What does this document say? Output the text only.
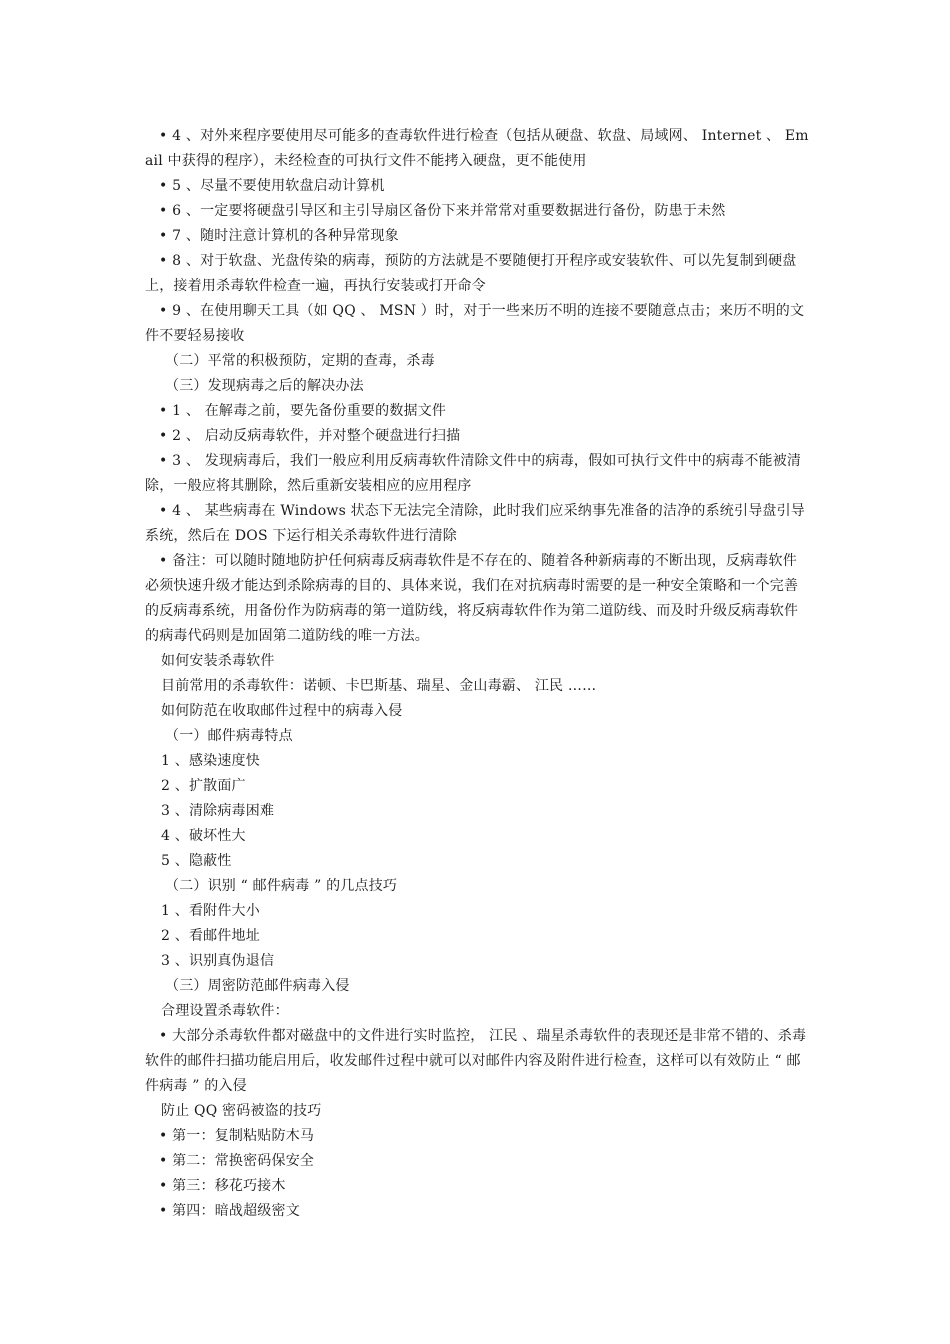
• 4 、对外来程序要使用尽可能多的查毒软件进行检查（包括从硬盘、软盘、局域网、 Internet 、 Email 中获得的程序），未经检查的可执行文件不能拷入硬盘，更不能使用

• 5 、尽量不要使用软盘启动计算机

• 6 、一定要将硬盘引导区和主引导扇区备份下来并常常对重要数据进行备份，防患于未然

• 7 、随时注意计算机的各种异常现象

• 8 、对于软盘、光盘传染的病毒，预防的方法就是不要随便打开程序或安装软件、可以先复制到硬盘上，接着用杀毒软件检查一遍，再执行安装或打开命令

• 9 、在使用聊天工具（如 QQ 、 MSN ）时，对于一些来历不明的连接不要随意点击；来历不明的文件不要轻易接收

（二）平常的积极预防，定期的查毒，杀毒

（三）发现病毒之后的解决办法

• 1 、 在解毒之前，要先备份重要的数据文件

• 2 、 启动反病毒软件，并对整个硬盘进行扫描

• 3 、 发现病毒后，我们一般应利用反病毒软件清除文件中的病毒，假如可执行文件中的病毒不能被清除，一般应将其删除，然后重新安装相应的应用程序

• 4 、 某些病毒在 Windows 状态下无法完全清除，此时我们应采纳事先准备的洁净的系统引导盘引导系统，然后在 DOS 下运行相关杀毒软件进行清除

• 备注：可以随时随地防护任何病毒反病毒软件是不存在的、随着各种新病毒的不断出现，反病毒软件必须快速升级才能达到杀除病毒的目的、具体来说，我们在对抗病毒时需要的是一种安全策略和一个完善的反病毒系统，用备份作为防病毒的第一道防线，将反病毒软件作为第二道防线、而及时升级反病毒软件的病毒代码则是加固第二道防线的唯一方法。

如何安装杀毒软件

目前常用的杀毒软件：诺顿、卡巴斯基、瑞星、金山毒霸、 江民 ……

如何防范在收取邮件过程中的病毒入侵

（一）邮件病毒特点

1 、感染速度快

2 、扩散面广

3 、清除病毒困难

4 、破坏性大

5 、隐蔽性

（二）识别 “ 邮件病毒 ” 的几点技巧

1 、看附件大小

2 、看邮件地址

3 、识别真伪退信

（三）周密防范邮件病毒入侵

合理设置杀毒软件：

• 大部分杀毒软件都对磁盘中的文件进行实时监控， 江民 、瑞星杀毒软件的表现还是非常不错的、杀毒软件的邮件扫描功能启用后，收发邮件过程中就可以对邮件内容及附件进行检查，这样可以有效防止 “ 邮件病毒 ” 的入侵

防止 QQ 密码被盗的技巧

• 第一：复制粘贴防木马

• 第二：常换密码保安全

• 第三：移花巧接木

• 第四：暗战超级密文
